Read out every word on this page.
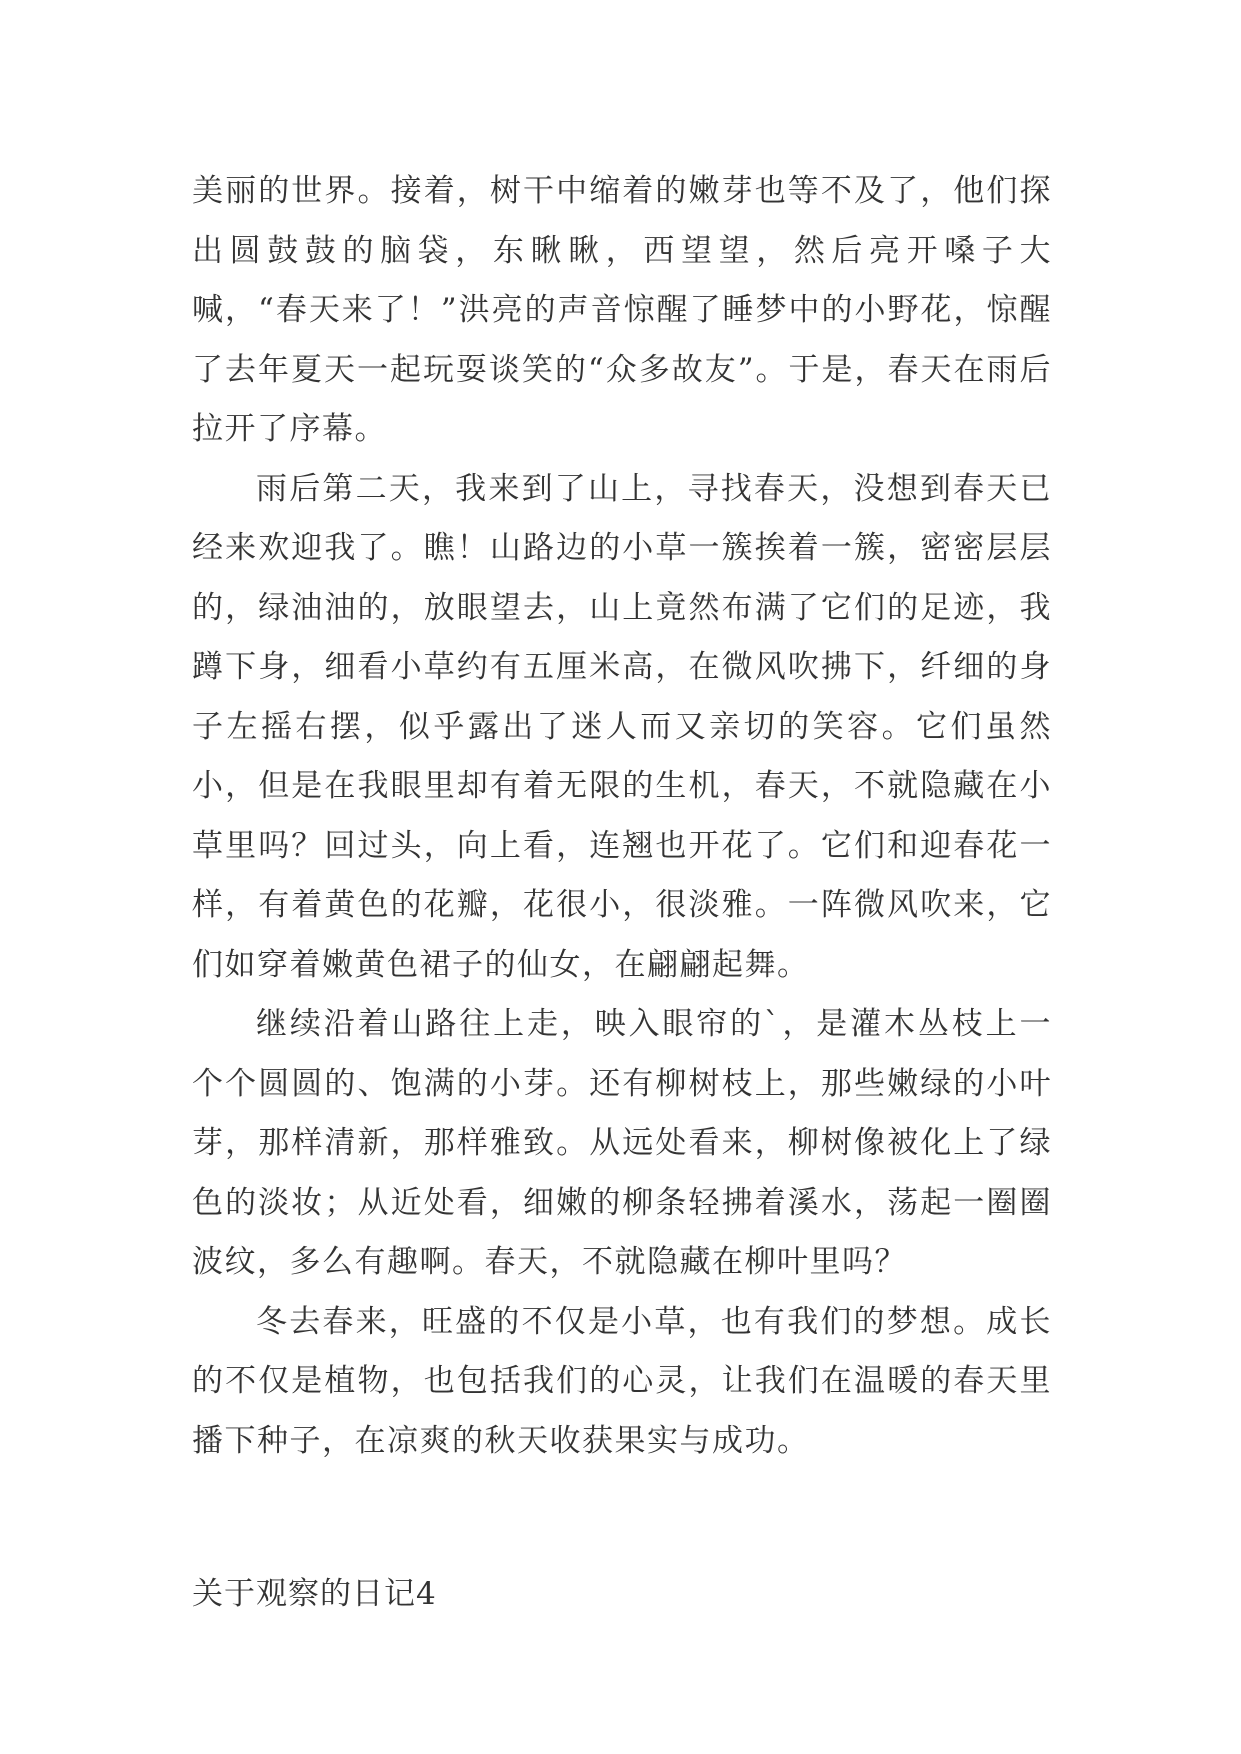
美丽的世界。接着，树干中缩着的嫩芽也等不及了，他们探出圆鼓鼓的脑袋，东瞅瞅，西望望，然后亮开嗓子大喊，“春天来了！”洪亮的声音惊醒了睡梦中的小野花，惊醒了去年夏天一起玩耍谈笑的“众多故友”。于是，春天在雨后拉开了序幕。

雨后第二天，我来到了山上，寻找春天，没想到春天已经来欢迎我了。瞧！山路边的小草一簇挨着一簇，密密层层的，绿油油的，放眼望去，山上竟然布满了它们的足迹，我蹲下身，细看小草约有五厘米高，在微风吹拂下，纤细的身子左摇右摆，似乎露出了迷人而又亲切的笑容。它们虽然小，但是在我眼里却有着无限的生机，春天，不就隐藏在小草里吗？回过头，向上看，连翘也开花了。它们和迎春花一样，有着黄色的花瓣，花很小，很淡雅。一阵微风吹来，它们如穿着嫩黄色裙子的仙女，在翩翩起舞。

继续沿着山路往上走，映入眼帘的`，是灌木丛枝上一个个圆圆的、饱满的小芽。还有柳树枝上，那些嫩绿的小叶芽，那样清新，那样雅致。从远处看来，柳树像被化上了绿色的淡妆；从近处看，细嫩的柳条轻拂着溪水，荡起一圈圈波纹，多么有趣啊。春天，不就隐藏在柳叶里吗？

冬去春来，旺盛的不仅是小草，也有我们的梦想。成长的不仅是植物，也包括我们的心灵，让我们在温暖的春天里播下种子，在凉爽的秋天收获果实与成功。

关于观察的日记4
